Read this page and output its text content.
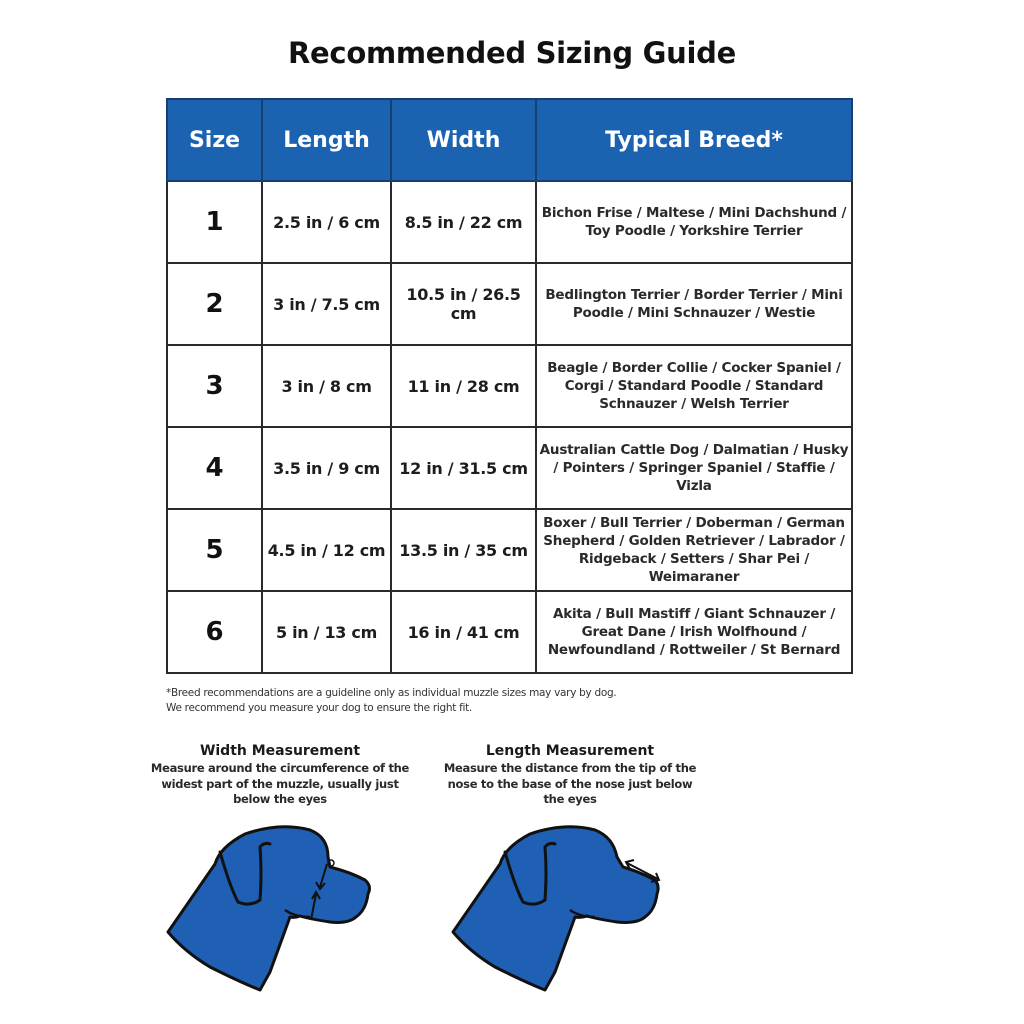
Recommended Sizing Guide
Size	Length	Width	Typical Breed*
1	2.5 in / 6 cm	8.5 in / 22 cm	Bichon Frise / Maltese / Mini Dachshund / Toy Poodle / Yorkshire Terrier
2	3 in / 7.5 cm	10.5 in / 26.5 cm	Bedlington Terrier / Border Terrier / Mini Poodle / Mini Schnauzer / Westie
3	3 in / 8 cm	11 in / 28 cm	Beagle / Border Collie / Cocker Spaniel / Corgi / Standard Poodle / Standard Schnauzer / Welsh Terrier
4	3.5 in / 9 cm	12 in / 31.5 cm	Australian Cattle Dog / Dalmatian / Husky / Pointers / Springer Spaniel / Staffie / Vizla
5	4.5 in / 12 cm	13.5 in / 35 cm	Boxer / Bull Terrier / Doberman / German Shepherd / Golden Retriever / Labrador / Ridgeback / Setters / Shar Pei / Weimaraner
6	5 in / 13 cm	16 in / 41 cm	Akita / Bull Mastiff / Giant Schnauzer / Great Dane / Irish Wolfhound / Newfoundland / Rottweiler / St Bernard
*Breed recommendations are a guideline only as individual muzzle sizes may vary by dog.
We recommend you measure your dog to ensure the right fit.
Width Measurement
Measure around the circumference of the widest part of the muzzle, usually just below the eyes
Length Measurement
Measure the distance from the tip of the nose to the base of the nose just below the eyes
